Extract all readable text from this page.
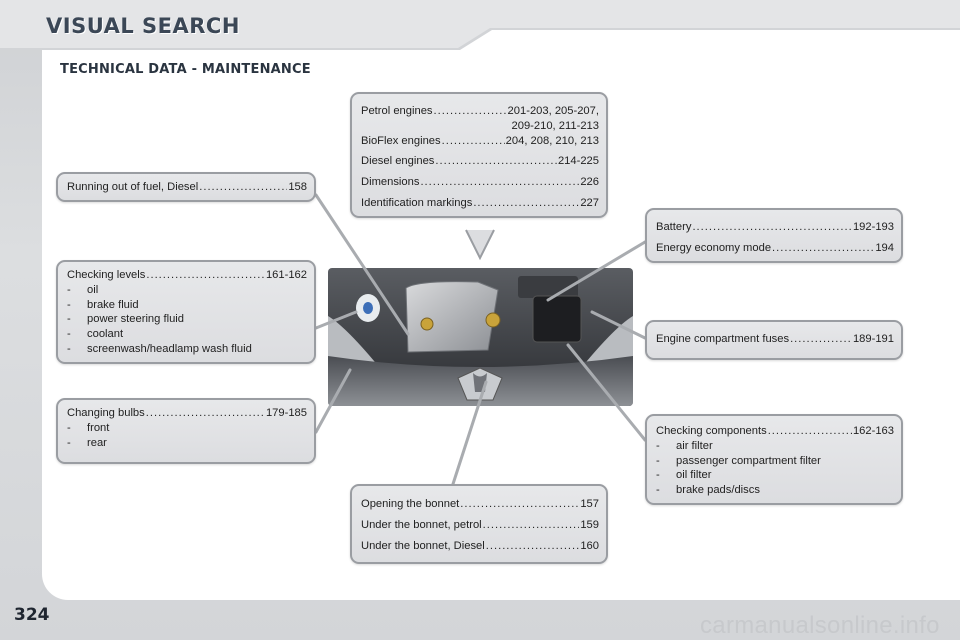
VISUAL SEARCH
TECHNICAL DATA - MAINTENANCE
Running out of fuel, Diesel .....	158
Checking levels .....	161-162
-	oil
-	brake fluid
-	power steering fluid
-	coolant
-	screenwash/headlamp wash fluid
Changing bulbs .....	179-185
-	front
-	rear
Petrol engines .....	201-203, 205-207,
209-210, 211-213
BioFlex engines .....	204, 208, 210, 213
Diesel engines .....	214-225
Dimensions .....	226
Identification markings .....	227
Battery .....	192-193
Energy economy mode .....	194
Engine compartment fuses .....	189-191
Checking components .....	162-163
-	air filter
-	passenger compartment filter
-	oil filter
-	brake pads/discs
Opening the bonnet .....	157
Under the bonnet, petrol .....	159
Under the bonnet, Diesel .....	160
324	carmanualsonline.info
